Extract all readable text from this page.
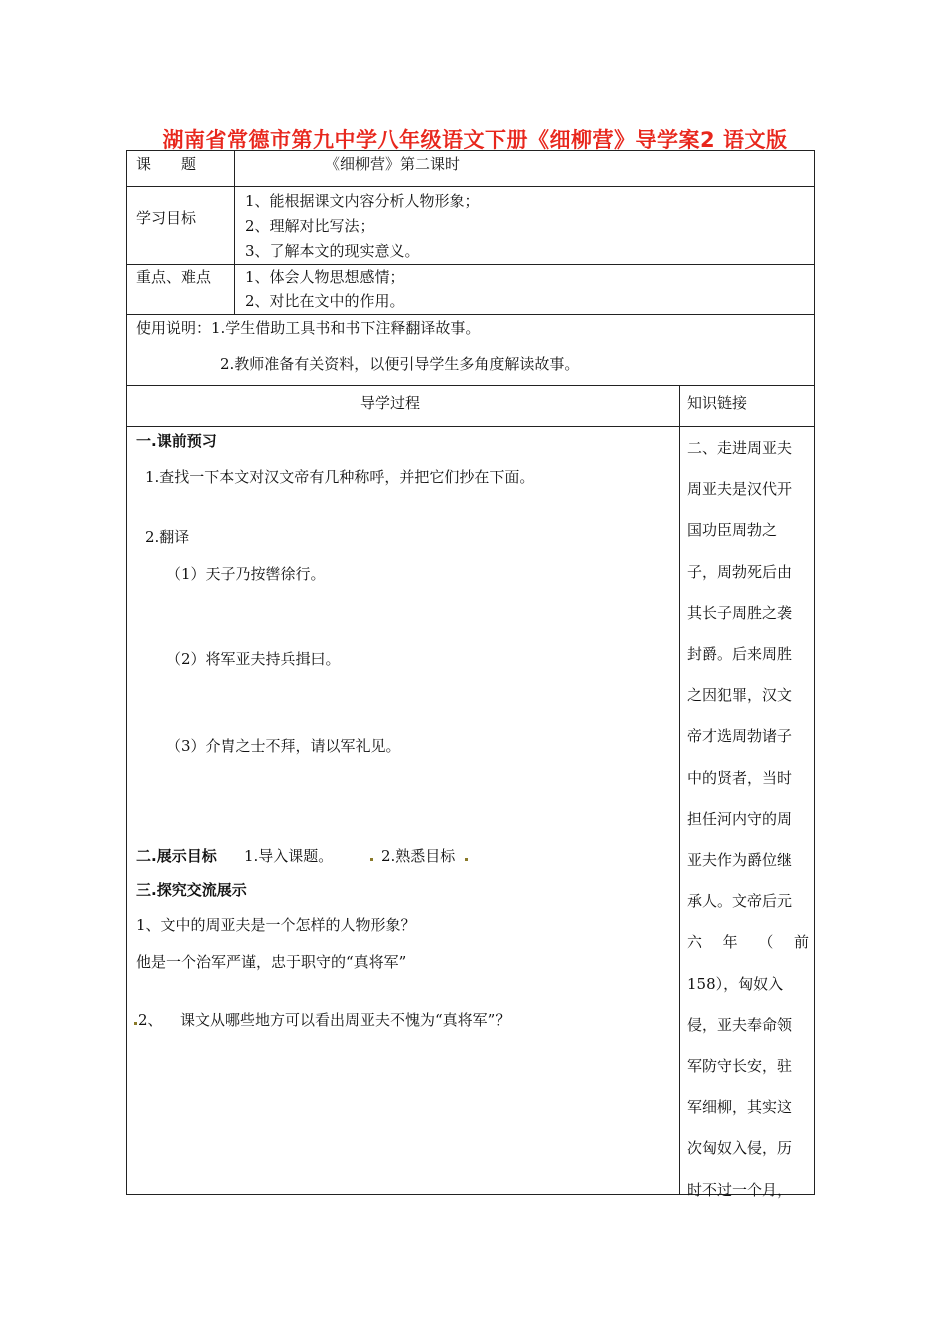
湖南省常德市第九中学八年级语文下册《细柳营》导学案2 语文版
课　　题	《细柳营》第二课时
学习目标
1、能根据课文内容分析人物形象；
2、理解对比写法；
3、了解本文的现实意义。
重点、难点 1、体会人物思想感情；
2、对比在文中的作用。
使用说明：1.学生借助工具书和书下注释翻译故事。
2.教师准备有关资料，以便引导学生多角度解读故事。
导学过程	知识链接
一.课前预习
1.查找一下本文对汉文帝有几种称呼，并把它们抄在下面。
2.翻译
（1）天子乃按辔徐行。
（2）将军亚夫持兵揖曰。
（3）介胄之士不拜，请以军礼见。
二.展示目标 1.导入课题。	2.熟悉目标
三.探究交流展示
1、文中的周亚夫是一个怎样的人物形象？
他是一个治军严谨，忠于职守的“真将军”
2、 课文从哪些地方可以看出周亚夫不愧为“真将军”？
二、走进周亚夫
周亚夫是汉代开
国功臣周勃之
子，周勃死后由
其长子周胜之袭
封爵。后来周胜
之因犯罪，汉文
帝才选周勃诸子
中的贤者，当时
担任河内守的周
亚夫作为爵位继
承人。文帝后元
六 年 （ 前
158），匈奴入
侵，亚夫奉命领
军防守长安，驻
军细柳，其实这
次匈奴入侵，历
时不过一个月，
